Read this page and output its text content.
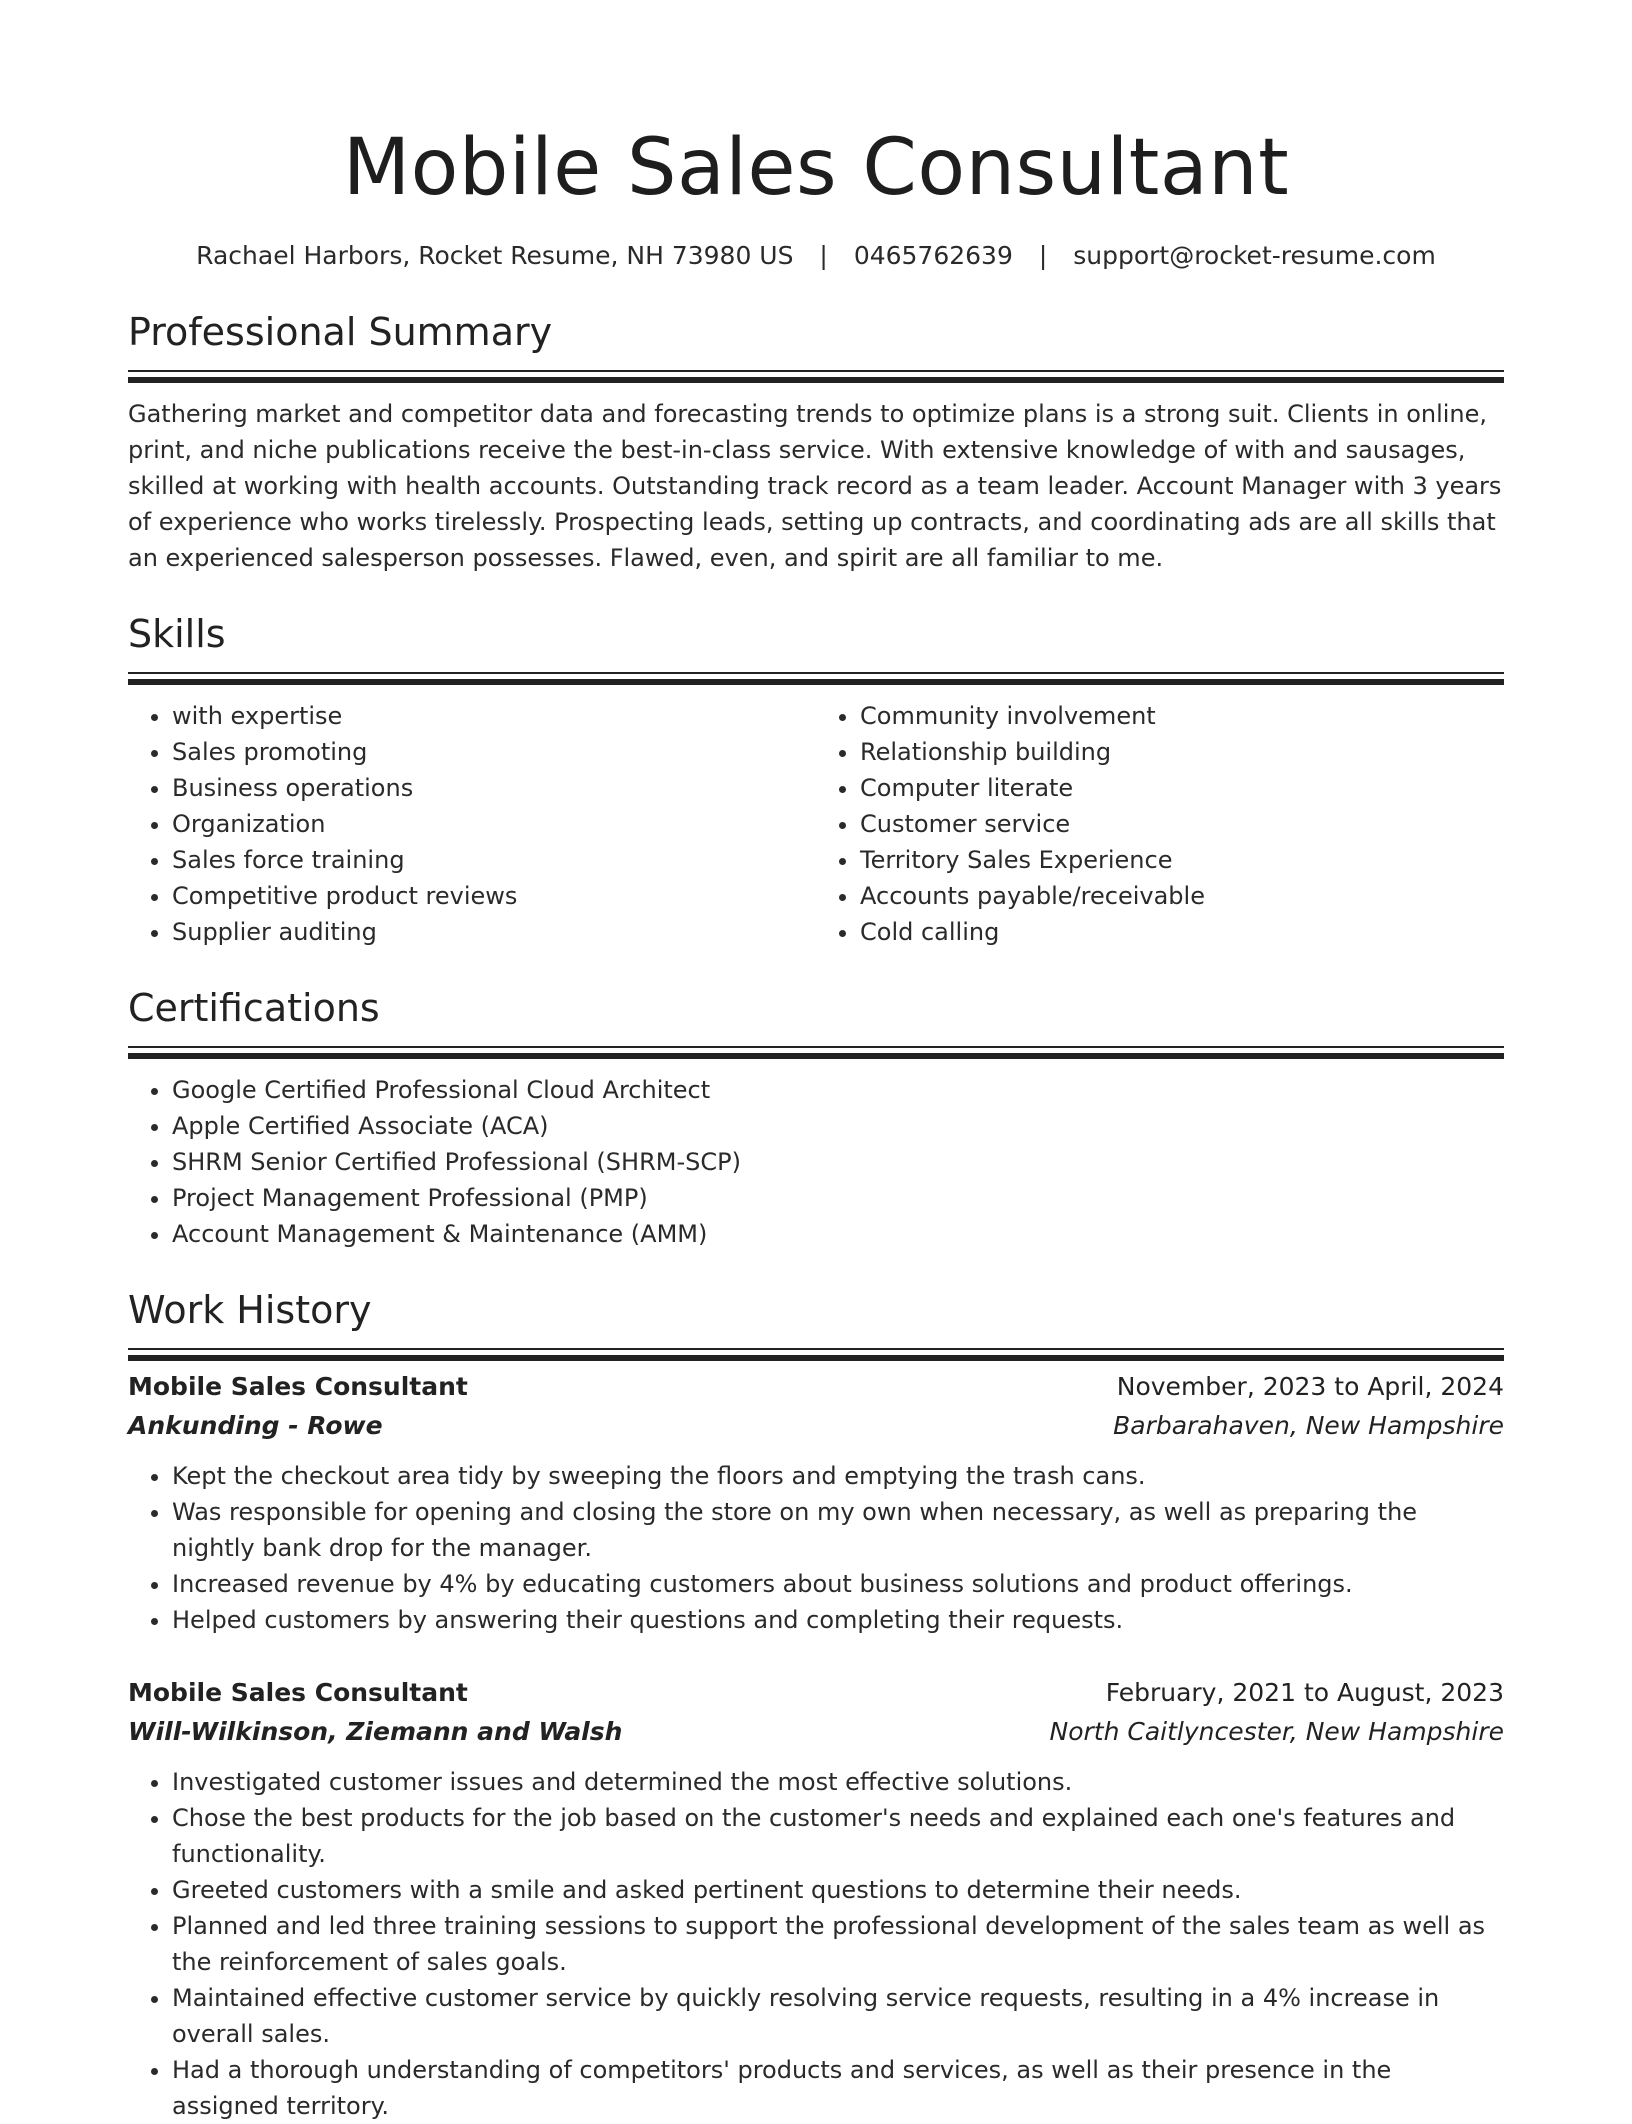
Mobile Sales Consultant
Rachael Harbors, Rocket Resume, NH 73980 US | 0465762639 | support@rocket-resume.com
Professional Summary

Gathering market and competitor data and forecasting trends to optimize plans is a strong suit. Clients in online, print, and niche publications receive the best-in-class service. With extensive knowledge of with and sausages, skilled at working with health accounts. Outstanding track record as a team leader. Account Manager with 3 years of experience who works tirelessly. Prospecting leads, setting up contracts, and coordinating ads are all skills that an experienced salesperson possesses. Flawed, even, and spirit are all familiar to me.

Skills
• with expertise
• Sales promoting
• Business operations
• Organization
• Sales force training
• Competitive product reviews
• Supplier auditing
• Community involvement
• Relationship building
• Computer literate
• Customer service
• Territory Sales Experience
• Accounts payable/receivable
• Cold calling
Certifications
• Google Certified Professional Cloud Architect
• Apple Certified Associate (ACA)
• SHRM Senior Certified Professional (SHRM-SCP)
• Project Management Professional (PMP)
• Account Management & Maintenance (AMM)
Work History
Mobile Sales Consultant	November, 2023 to April, 2024
Ankunding - Rowe	Barbarahaven, New Hampshire
• Kept the checkout area tidy by sweeping the floors and emptying the trash cans.
• Was responsible for opening and closing the store on my own when necessary, as well as preparing the nightly bank drop for the manager.
• Increased revenue by 4% by educating customers about business solutions and product offerings.
• Helped customers by answering their questions and completing their requests.
Mobile Sales Consultant	February, 2021 to August, 2023
Will-Wilkinson, Ziemann and Walsh	North Caitlyncester, New Hampshire
• Investigated customer issues and determined the most effective solutions.
• Chose the best products for the job based on the customer's needs and explained each one's features and functionality.
• Greeted customers with a smile and asked pertinent questions to determine their needs.
• Planned and led three training sessions to support the professional development of the sales team as well as the reinforcement of sales goals.
• Maintained effective customer service by quickly resolving service requests, resulting in a 4% increase in overall sales.
• Had a thorough understanding of competitors' products and services, as well as their presence in the assigned territory.
